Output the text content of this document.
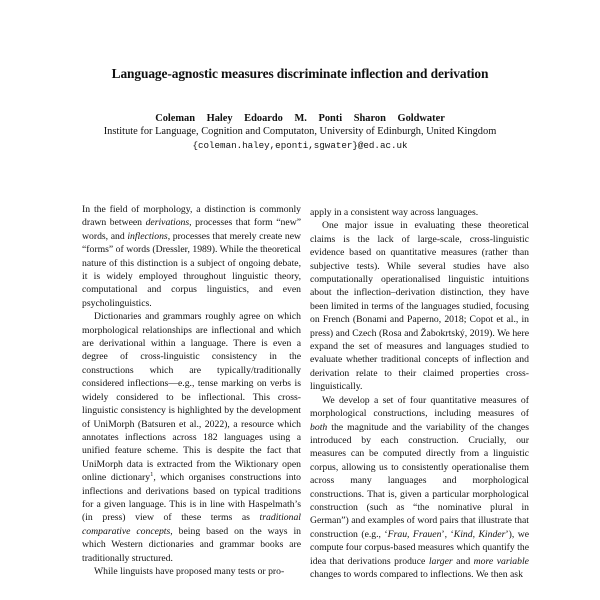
Language-agnostic measures discriminate inflection and derivation
Coleman Haley Edoardo M. Ponti Sharon Goldwater
Institute for Language, Cognition and Computaton, University of Edinburgh, United Kingdom
{coleman.haley,eponti,sgwater}@ed.ac.uk

In the field of morphology, a distinction is commonly drawn between derivations, processes that form “new” words, and inflections, processes that merely create new “forms” of words (Dressler, 1989). While the theoretical nature of this distinction is a subject of ongoing debate, it is widely employed throughout linguistic theory, computational and corpus linguistics, and even psycholinguistics.

Dictionaries and grammars roughly agree on which morphological relationships are inflectional and which are derivational within a language. There is even a degree of cross-linguistic consistency in the constructions which are typically/traditionally considered inflections—e.g., tense marking on verbs is widely considered to be inflectional. This cross-linguistic consistency is highlighted by the development of UniMorph (Batsuren et al., 2022), a resource which annotates inflections across 182 languages using a unified feature scheme. This is despite the fact that UniMorph data is extracted from the Wiktionary open online dictionary$^1$, which organises constructions into inflections and derivations based on typical traditions for a given language. This is in line with Haspelmath’s (in press) view of these terms as traditional comparative concepts, being based on the ways in which Western dictionaries and grammar books are traditionally structured.

While linguists have proposed many tests or pro-

apply in a consistent way across languages.

One major issue in evaluating these theoretical claims is the lack of large-scale, cross-linguistic evidence based on quantitative measures (rather than subjective tests). While several studies have also computationally operationalised linguistic intuitions about the inflection–derivation distinction, they have been limited in terms of the languages studied, focusing on French (Bonami and Paperno, 2018; Copot et al., in press) and Czech (Rosa and Žabokrtský, 2019). We here expand the set of measures and languages studied to evaluate whether traditional concepts of inflection and derivation relate to their claimed properties cross-linguistically.

We develop a set of four quantitative measures of morphological constructions, including measures of both the magnitude and the variability of the changes introduced by each construction. Crucially, our measures can be computed directly from a linguistic corpus, allowing us to consistently operationalise them across many languages and morphological constructions. That is, given a particular morphological construction (such as “the nominative plural in German”) and examples of word pairs that illustrate that construction (e.g., ‘Frau, Frauen’, ‘Kind, Kinder’), we compute four corpus-based measures which quantify the idea that derivations produce larger and more variable changes to words compared to inflections. We then ask
